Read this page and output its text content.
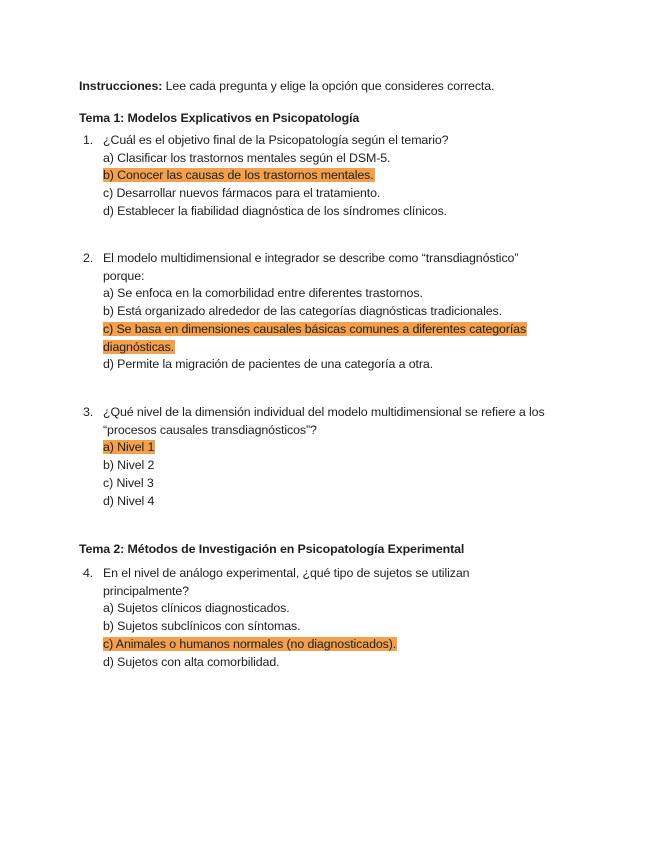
Instrucciones: Lee cada pregunta y elige la opción que consideres correcta.
Tema 1: Modelos Explicativos en Psicopatología
1. ¿Cuál es el objetivo final de la Psicopatología según el temario?
a) Clasificar los trastornos mentales según el DSM-5.
b) Conocer las causas de los trastornos mentales.
c) Desarrollar nuevos fármacos para el tratamiento.
d) Establecer la fiabilidad diagnóstica de los síndromes clínicos.
2. El modelo multidimensional e integrador se describe como “transdiagnóstico” porque:
a) Se enfoca en la comorbilidad entre diferentes trastornos.
b) Está organizado alrededor de las categorías diagnósticas tradicionales.
c) Se basa en dimensiones causales básicas comunes a diferentes categorías diagnósticas.
d) Permite la migración de pacientes de una categoría a otra.
3. ¿Qué nivel de la dimensión individual del modelo multidimensional se refiere a los “procesos causales transdiagnósticos”?
a) Nivel 1
b) Nivel 2
c) Nivel 3
d) Nivel 4
Tema 2: Métodos de Investigación en Psicopatología Experimental
4. En el nivel de análogo experimental, ¿qué tipo de sujetos se utilizan principalmente?
a) Sujetos clínicos diagnosticados.
b) Sujetos subclínicos con síntomas.
c) Animales o humanos normales (no diagnosticados).
d) Sujetos con alta comorbilidad.
